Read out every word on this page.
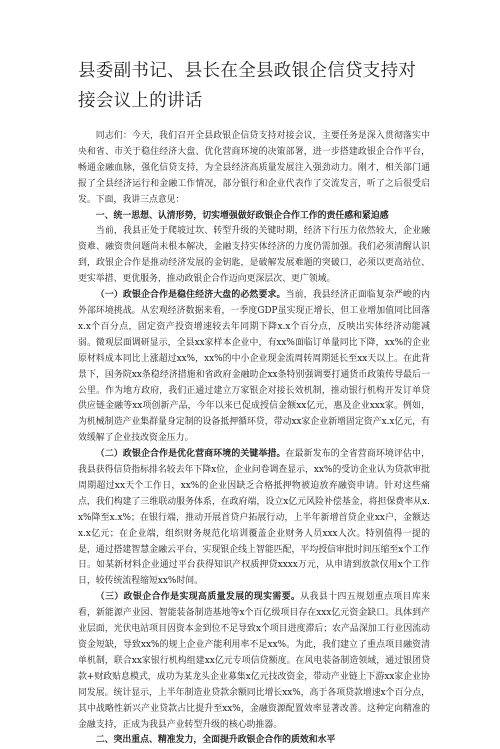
县委副书记、县长在全县政银企信贷支持对接会议上的讲话

同志们：今天，我们召开全县政银企信贷支持对接会议，主要任务是深入贯彻落实中央和省、市关于稳住经济大盘、优化营商环境的决策部署，进一步搭建政银企合作平台，畅通金融血脉，强化信贷支持，为全县经济高质量发展注入强劲动力。刚才，相关部门通报了全县经济运行和金融工作情况，部分银行和企业代表作了交流发言，听了之后很受启发。下面，我讲三点意见：

一、统一思想、认清形势，切实增强做好政银企合作工作的责任感和紧迫感

当前，我县正处于爬坡过坎、转型升级的关键时期，经济下行压力依然较大，企业融资难、融资贵问题尚未根本解决，金融支持实体经济的力度仍需加强。我们必须清醒认识到，政银企合作是推动经济发展的金钥匙，是破解发展难题的突破口，必须以更高站位、更实举措、更优服务，推动政银企合作迈向更深层次、更广领域。

（一）政银企合作是稳住经济大盘的必然要求。当前，我县经济正面临复杂严峻的内外部环境挑战。从宏观经济数据来看，一季度GDP虽实现正增长，但工业增加值同比回落x.x个百分点，固定资产投资增速较去年同期下降x.x个百分点，反映出实体经济动能减弱。微观层面调研显示，全县xx家样本企业中，有xx%面临订单量同比下降，xx%的企业原材料成本同比上涨超过xx%，xx%的中小企业现金流周转周期延长至xx天以上。在此背景下，国务院xx条稳经济措施和省政府金融助企xx条特别强调要打通货币政策传导最后一公里。作为地方政府，我们正通过建立万家银企对接长效机制，推动银行机构开发订单贷供应链金融等xx项创新产品，今年以来已促成授信金额xx亿元，惠及企业xxx家。例如，为机械制造产业集群量身定制的设备抵押循环贷，带动xx家企业新增固定资产x.x亿元，有效缓解了企业技改资金压力。

（二）政银企合作是优化营商环境的关键举措。在最新发布的全省营商环境评估中，我县获得信贷指标排名较去年下降x位，企业问卷调查显示，xx%的受访企业认为贷款审批周期超过xx天个工作日，xx%的企业因缺乏合格抵押物被迫放弃融资申请。针对这些痛点，我们构建了三维联动服务体系，在政府端，设立x亿元风险补偿基金，将担保费率从x.x%降至x.x%；在银行端，推动开展首贷户拓展行动，上半年新增首贷企业xx户，金额达x.x亿元；在企业端，组织财务规范化培训覆盖企业财务人员xxx人次。特别值得一提的是，通过搭建智慧金融云平台，实现银企线上智能匹配，平均授信审批时间压缩至x个工作日。如某新材料企业通过平台获得知识产权质押贷xxxx万元，从申请到放款仅用x个工作日，较传统流程缩短xx%时间。

（三）政银企合作是实现高质量发展的现实需要。从我县十四五规划重点项目库来看，新能源产业园、智能装备制造基地等x个百亿级项目存在xxx亿元资金缺口。具体到产业层面，光伏电站项目因资本金到位不足导致x个项目进度滞后；农产品深加工行业因流动资金短缺，导致xx%的规上企业产能利用率不足xx%。为此，我们建立了重点项目融资清单机制，联合xx家银行机构组建xx亿元专项信贷额度。在风电装备制造领域，通过银团贷款+财政贴息模式，成功为某龙头企业募集x亿元技改资金，带动产业链上下游xx家企业协同发展。统计显示，上半年制造业贷款余额同比增长xx%，高于各项贷款增速x个百分点，其中战略性新兴产业贷款占比提升至xx%，金融资源配置效率显著改善。这种定向精准的金融支持，正成为我县产业转型升级的核心助推器。

二、突出重点、精准发力，全面提升政银企合作的质效和水平
